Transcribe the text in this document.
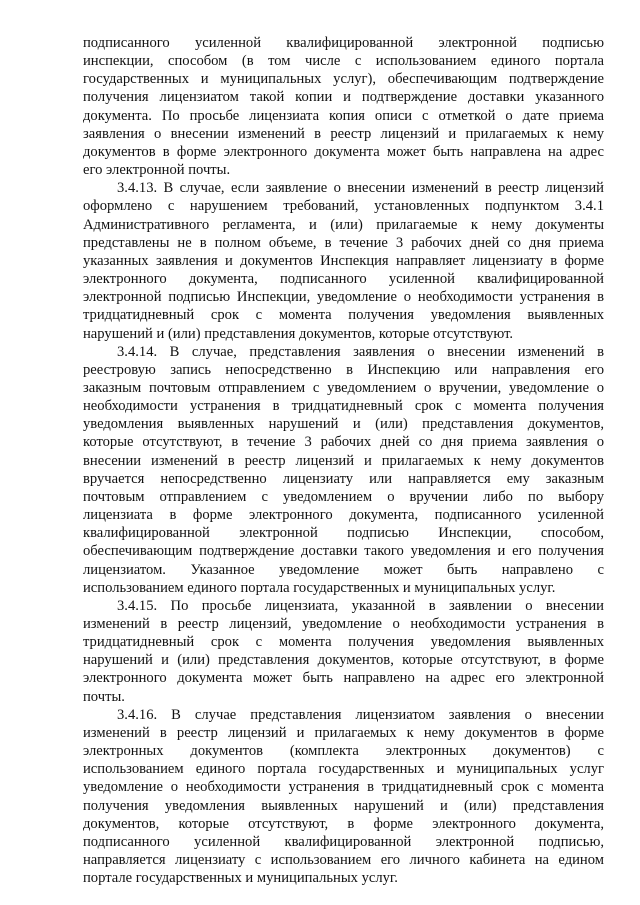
подписанного усиленной квалифицированной электронной подписью
инспекции, способом (в том числе с использованием единого портала
государственных и муниципальных услуг), обеспечивающим подтверждение
получения лицензиатом такой копии и подтверждение доставки указанного
документа. По просьбе лицензиата копия описи с отметкой о дате приема
заявления о внесении изменений в реестр лицензий и прилагаемых к нему
документов в форме электронного документа может быть направлена на адрес
его электронной почты.
3.4.13. В случае, если заявление о внесении изменений в реестр лицензий
оформлено с нарушением требований, установленных подпунктом 3.4.1
Административного регламента, и (или) прилагаемые к нему документы
представлены не в полном объеме, в течение 3 рабочих дней со дня приема
указанных заявления и документов Инспекция направляет лицензиату в форме
электронного документа, подписанного усиленной квалифицированной
электронной подписью Инспекции, уведомление о необходимости устранения в
тридцатидневный срок с момента получения уведомления выявленных
нарушений и (или) представления документов, которые отсутствуют.
3.4.14. В случае, представления заявления о внесении изменений в
реестровую запись непосредственно в Инспекцию или направления его
заказным почтовым отправлением с уведомлением о вручении, уведомление о
необходимости устранения в тридцатидневный срок с момента получения
уведомления выявленных нарушений и (или) представления документов,
которые отсутствуют, в течение 3 рабочих дней со дня приема заявления о
внесении изменений в реестр лицензий и прилагаемых к нему документов
вручается непосредственно лицензиату или направляется ему заказным
почтовым отправлением с уведомлением о вручении либо по выбору
лицензиата в форме электронного документа, подписанного усиленной
квалифицированной электронной подписью Инспекции, способом,
обеспечивающим подтверждение доставки такого уведомления и его получения
лицензиатом. Указанное уведомление может быть направлено с
использованием единого портала государственных и муниципальных услуг.
3.4.15. По просьбе лицензиата, указанной в заявлении о внесении
изменений в реестр лицензий, уведомление о необходимости устранения в
тридцатидневный срок с момента получения уведомления выявленных
нарушений и (или) представления документов, которые отсутствуют, в форме
электронного документа может быть направлено на адрес его электронной
почты.
3.4.16. В случае представления лицензиатом заявления о внесении
изменений в реестр лицензий и прилагаемых к нему документов в форме
электронных документов (комплекта электронных документов) с
использованием единого портала государственных и муниципальных услуг
уведомление о необходимости устранения в тридцатидневный срок с момента
получения уведомления выявленных нарушений и (или) представления
документов, которые отсутствуют, в форме электронного документа,
подписанного усиленной квалифицированной электронной подписью,
направляется лицензиату с использованием его личного кабинета на едином
портале государственных и муниципальных услуг.
